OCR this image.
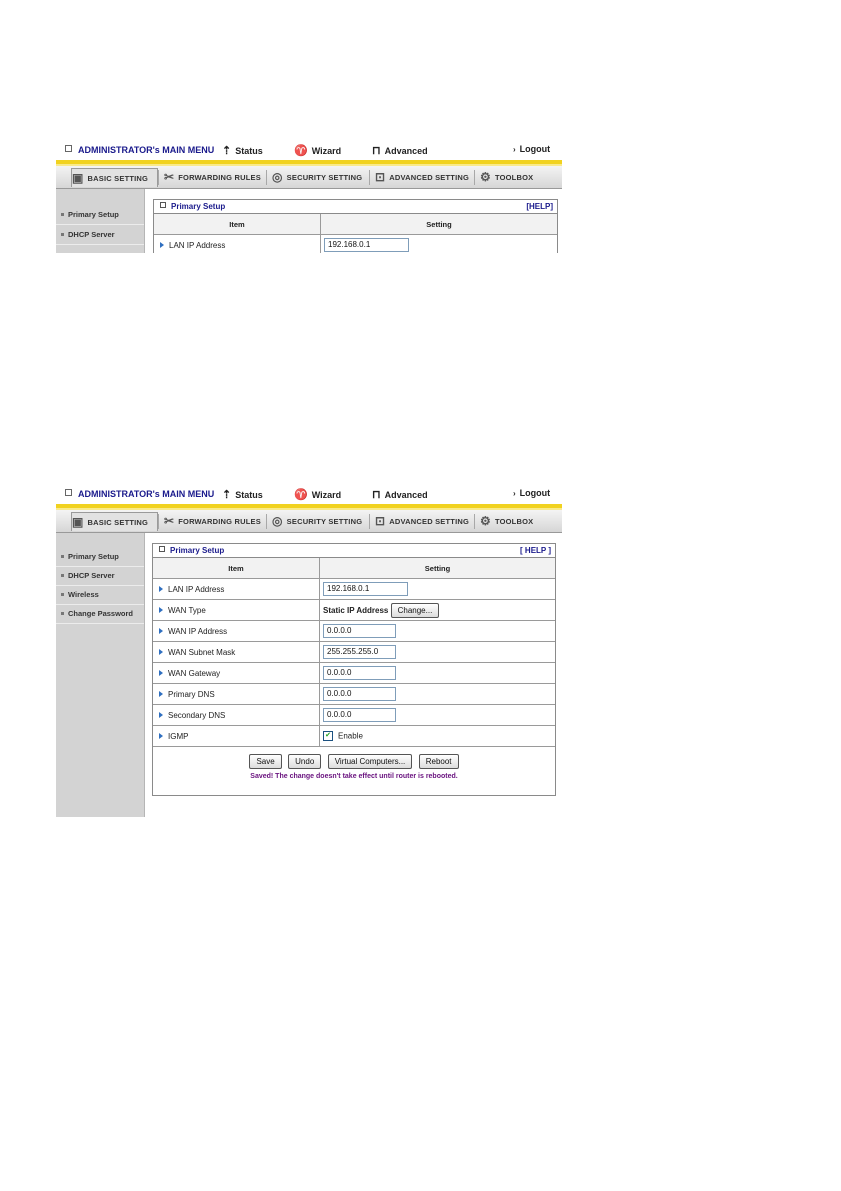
ADMINISTRATOR's MAIN MENU ⇡ Status	♈ Wizard	⊓ Advanced	› Logout
▣ BASIC SETTING ✂ FORWARDING RULES ◎ SECURITY SETTING ⊡ ADVANCED SETTING ⚙ TOOLBOX
Primary Setup
DHCP Server
Primary Setup	[HELP]
Item	Setting
LAN IP Address	192.168.0.1
ADMINISTRATOR's MAIN MENU ⇡ Status	♈ Wizard	⊓ Advanced	› Logout
▣ BASIC SETTING ✂ FORWARDING RULES ◎ SECURITY SETTING ⊡ ADVANCED SETTING ⚙ TOOLBOX
Primary Setup
DHCP Server
Wireless
Change Password
Primary Setup	[ HELP ]
Item	Setting
LAN IP Address	192.168.0.1
WAN Type	Static IP Address Change...
WAN IP Address	0.0.0.0
WAN Subnet Mask	255.255.255.0
WAN Gateway	0.0.0.0
Primary DNS	0.0.0.0
Secondary DNS	0.0.0.0
IGMP	✔ Enable
Save	Undo	Virtual Computers...	Reboot
Saved! The change doesn't take effect until router is rebooted.
